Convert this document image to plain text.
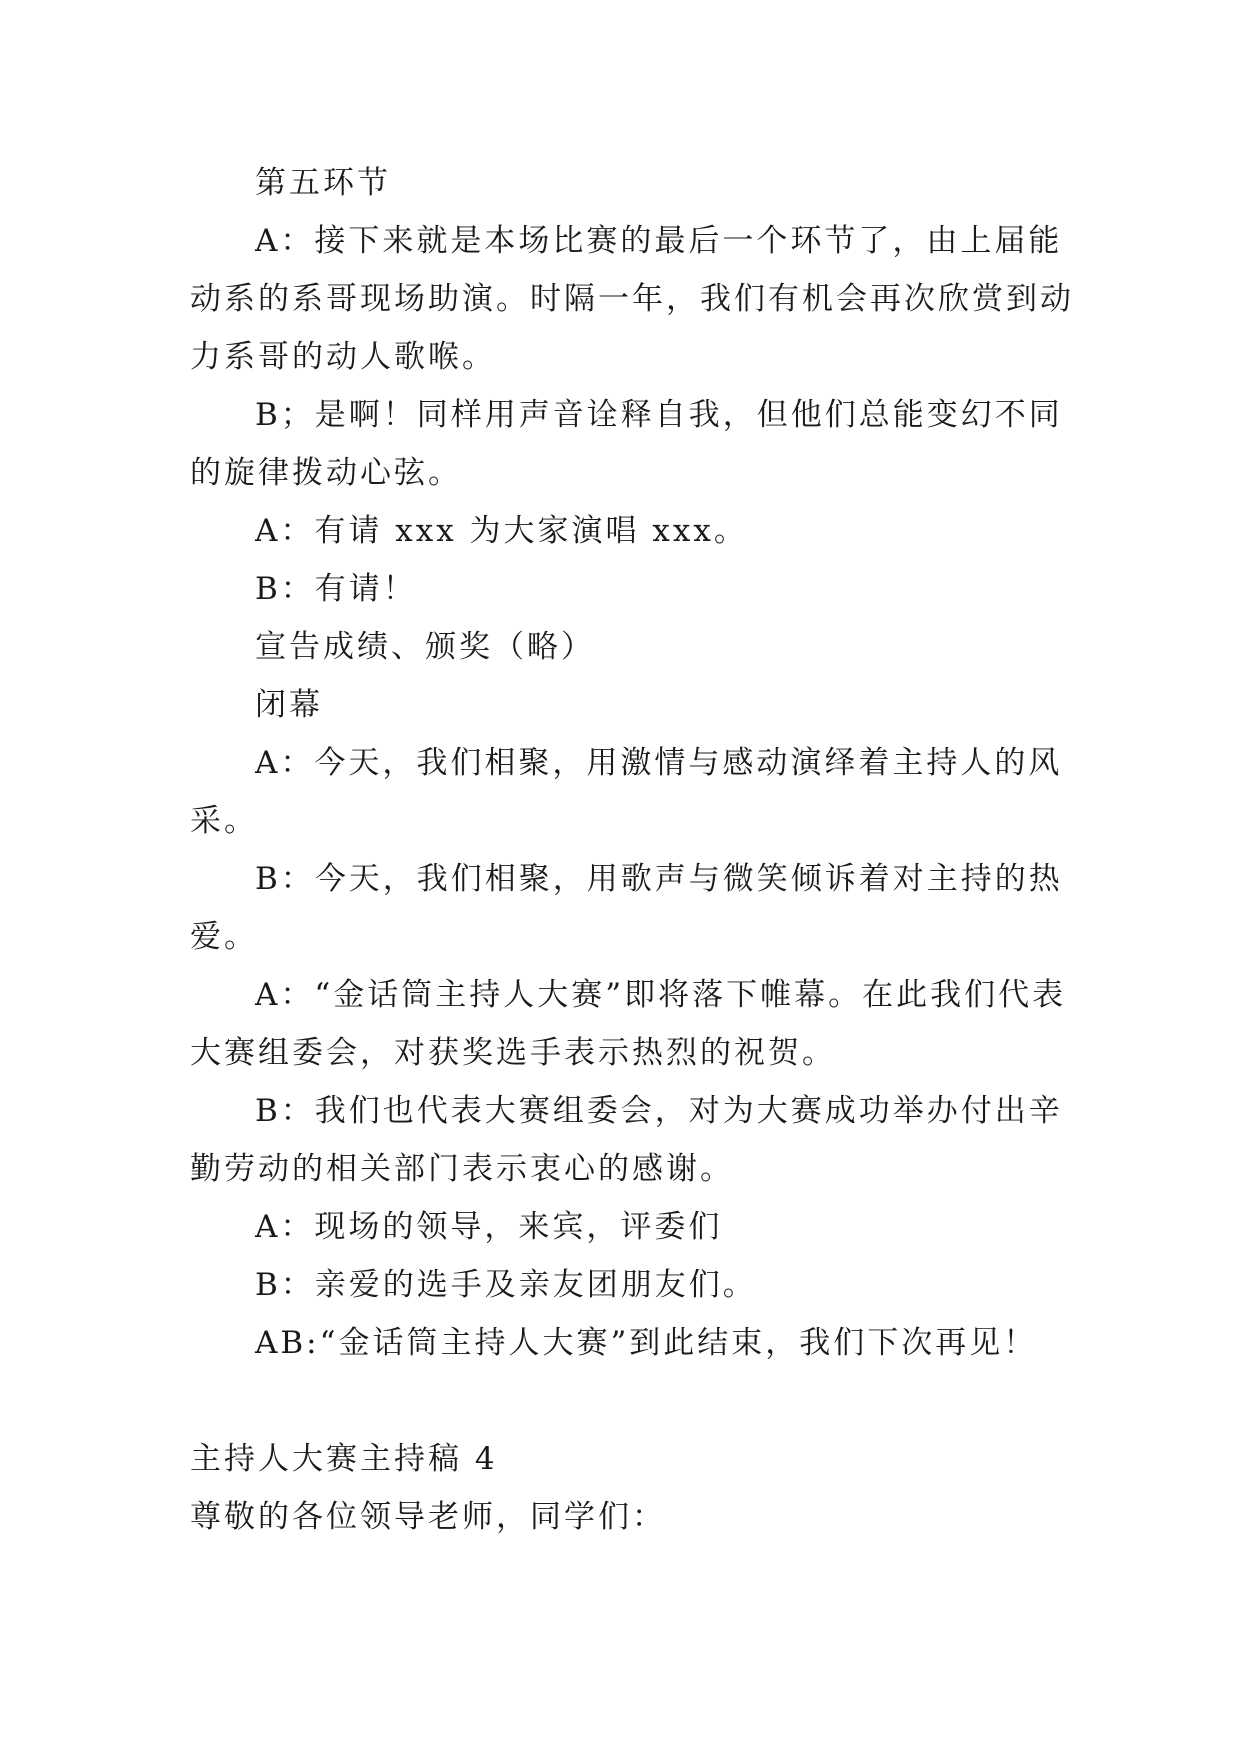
第五环节
A：接下来就是本场比赛的最后一个环节了，由上届能
动系的系哥现场助演。时隔一年，我们有机会再次欣赏到动
力系哥的动人歌喉。
B；是啊！同样用声音诠释自我，但他们总能变幻不同
的旋律拨动心弦。
A：有请 xxx 为大家演唱 xxx。
B：有请！
宣告成绩、颁奖（略）
闭幕
A：今天，我们相聚，用激情与感动演绎着主持人的风
采。
B：今天，我们相聚，用歌声与微笑倾诉着对主持的热
爱。
A：“金话筒主持人大赛”即将落下帷幕。在此我们代表
大赛组委会，对获奖选手表示热烈的祝贺。
B：我们也代表大赛组委会，对为大赛成功举办付出辛
勤劳动的相关部门表示衷心的感谢。
A：现场的领导，来宾，评委们
B：亲爱的选手及亲友团朋友们。
AB:“金话筒主持人大赛”到此结束，我们下次再见！
主持人大赛主持稿 4
尊敬的各位领导老师，同学们：
